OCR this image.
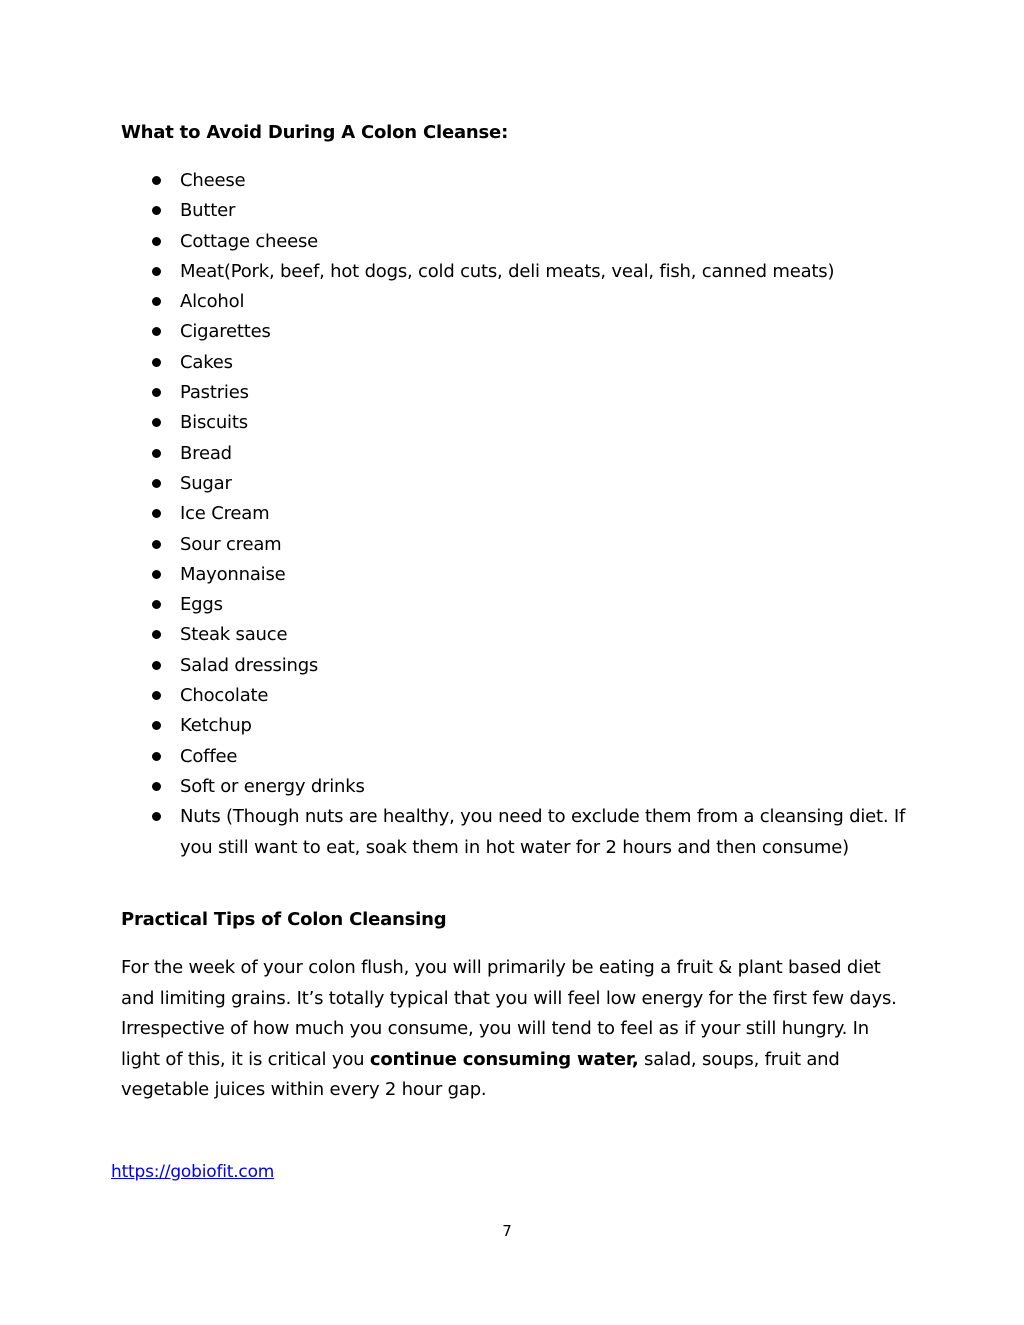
What to Avoid During A Colon Cleanse:
Cheese
Butter
Cottage cheese
Meat(Pork, beef, hot dogs, cold cuts, deli meats, veal, fish, canned meats)
Alcohol
Cigarettes
Cakes
Pastries
Biscuits
Bread
Sugar
Ice Cream
Sour cream
Mayonnaise
Eggs
Steak sauce
Salad dressings
Chocolate
Ketchup
Coffee
Soft or energy drinks
Nuts (Though nuts are healthy, you need to exclude them from a cleansing diet. If you still want to eat, soak them in hot water for 2 hours and then consume)
Practical Tips of Colon Cleansing

For the week of your colon flush, you will primarily be eating a fruit & plant based diet and limiting grains. It’s totally typical that you will feel low energy for the first few days. Irrespective of how much you consume, you will tend to feel as if your still hungry. In light of this, it is critical you continue consuming water, salad, soups, fruit and vegetable juices within every 2 hour gap.

https://gobiofit.com
7
